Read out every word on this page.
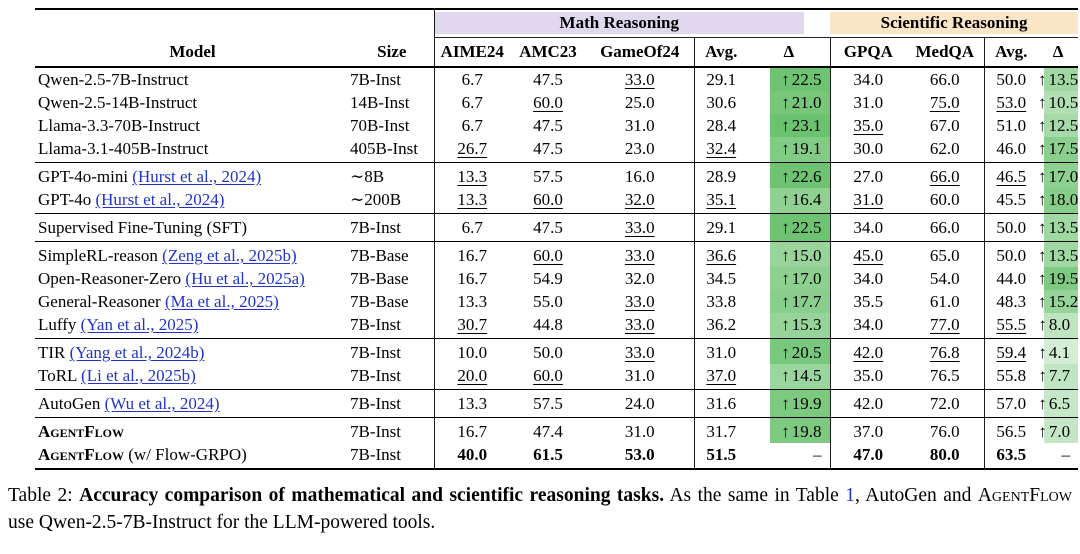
Math Reasoning					Scientific Reasoning			

Model	Size	AIME24	AMC23	GameOf24	Avg.	Δ	GPQA	MedQA	Avg.	Δ
Qwen-2.5-7B-Instruct	7B-Inst	6.7	47.5	33.0	29.1	↑ 22.5	34.0	66.0	50.0	↑ 13.5
Qwen-2.5-14B-Instruct	14B-Inst	6.7	60.0	25.0	30.6	↑ 21.0	31.0	75.0	53.0	↑ 10.5
Llama-3.3-70B-Instruct	70B-Inst	6.7	47.5	31.0	28.4	↑ 23.1	35.0	67.0	51.0	↑ 12.5
Llama-3.1-405B-Instruct	405B-Inst	26.7	47.5	23.0	32.4	↑ 19.1	30.0	62.0	46.0	↑ 17.5
GPT-4o-mini (Hurst et al., 2024)	∼8B	13.3	57.5	16.0	28.9	↑ 22.6	27.0	66.0	46.5	↑ 17.0
GPT-4o (Hurst et al., 2024)	∼200B	13.3	60.0	32.0	35.1	↑ 16.4	31.0	60.0	45.5	↑ 18.0
Supervised Fine-Tuning (SFT)	7B-Inst	6.7	47.5	33.0	29.1	↑ 22.5	34.0	66.0	50.0	↑ 13.5
SimpleRL-reason (Zeng et al., 2025b)	7B-Base	16.7	60.0	33.0	36.6	↑ 15.0	45.0	65.0	50.0	↑ 13.5
Open-Reasoner-Zero (Hu et al., 2025a)	7B-Base	16.7	54.9	32.0	34.5	↑ 17.0	34.0	54.0	44.0	↑ 19.5
General-Reasoner (Ma et al., 2025)	7B-Base	13.3	55.0	33.0	33.8	↑ 17.7	35.5	61.0	48.3	↑ 15.2
Luffy (Yan et al., 2025)	7B-Inst	30.7	44.8	33.0	36.2	↑ 15.3	34.0	77.0	55.5	↑ 8.0
TIR (Yang et al., 2024b)	7B-Inst	10.0	50.0	33.0	31.0	↑ 20.5	42.0	76.8	59.4	↑ 4.1
ToRL (Li et al., 2025b)	7B-Inst	20.0	60.0	31.0	37.0	↑ 14.5	35.0	76.5	55.8	↑ 7.7
AutoGen (Wu et al., 2024)	7B-Inst	13.3	57.5	24.0	31.6	↑ 19.9	42.0	72.0	57.0	↑ 6.5
AgentFlow	7B-Inst	16.7	47.4	31.0	31.7	↑ 19.8	37.0	76.0	56.5	↑ 7.0
AgentFlow (w/ Flow-GRPO)	7B-Inst	40.0	61.5	53.0	51.5	–	47.0	80.0	63.5	–

Table 2: Accuracy comparison of mathematical and scientific reasoning tasks. As the same in Table 1, AutoGen and AgentFlow use Qwen-2.5-7B-Instruct for the LLM-powered tools.
